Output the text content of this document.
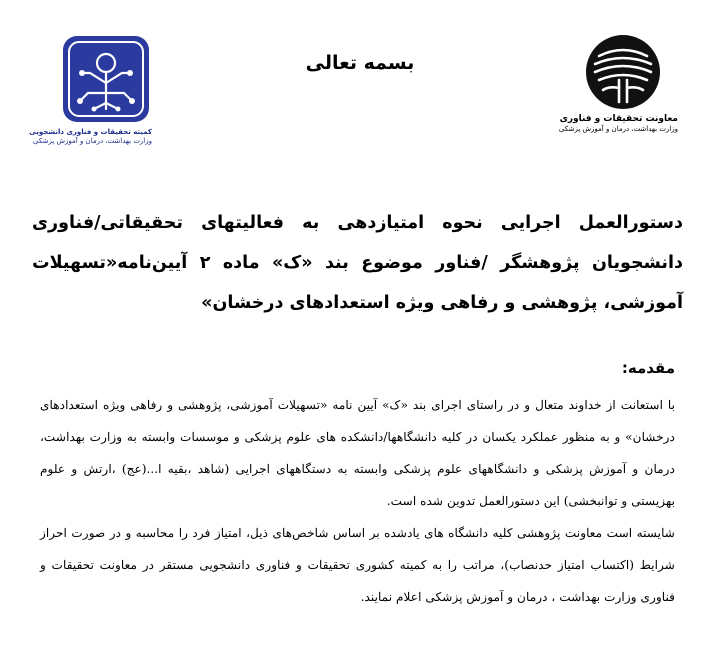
معاونت تحقیقات و فناوری
وزارت بهداشت، درمان و آموزش پزشکی
بسمه تعالی
کمیته تحقیقات و فناوری دانشجویی
وزارت بهداشت، درمان و آموزش پزشکی
دستورالعمل اجرایی نحوه امتیازدهی به فعالیتهای تحقیقاتی/فناوری دانشجویان پژوهشگر /فناور موضوع بند «ک» ماده ۲ آیین‌نامه«تسهیلات آموزشی، پژوهشی و رفاهی ویژه استعدادهای درخشان»
مقدمه:

با استعانت از خداوند متعال و در راستای اجرای بند «ک» آیین نامه «تسهیلات آموزشی، پژوهشی و رفاهی ویژه استعدادهای درخشان» و به منظور عملکرد یکسان در کلیه دانشگاهها/دانشکده های علوم پزشکی و موسسات وابسته به وزارت بهداشت، درمان و آموزش پزشکی و دانشگاههای علوم پزشکی وابسته به دستگاههای اجرایی (شاهد ،بقیه ا...(عج) ،ارتش و علوم بهزیستی و توانبخشی) این دستورالعمل تدوین شده است.

شایسته است معاونت پژوهشی کلیه دانشگاه های یادشده بر اساس شاخص‌های ذیل، امتیاز فرد را محاسبه و در صورت احراز شرایط (اکتساب امتیاز حدنصاب)، مراتب را به کمیته کشوری تحقیقات و فناوری دانشجویی مستقر در معاونت تحقیقات و فناوری وزارت بهداشت ، درمان و آموزش پزشکی اعلام نمایند.
